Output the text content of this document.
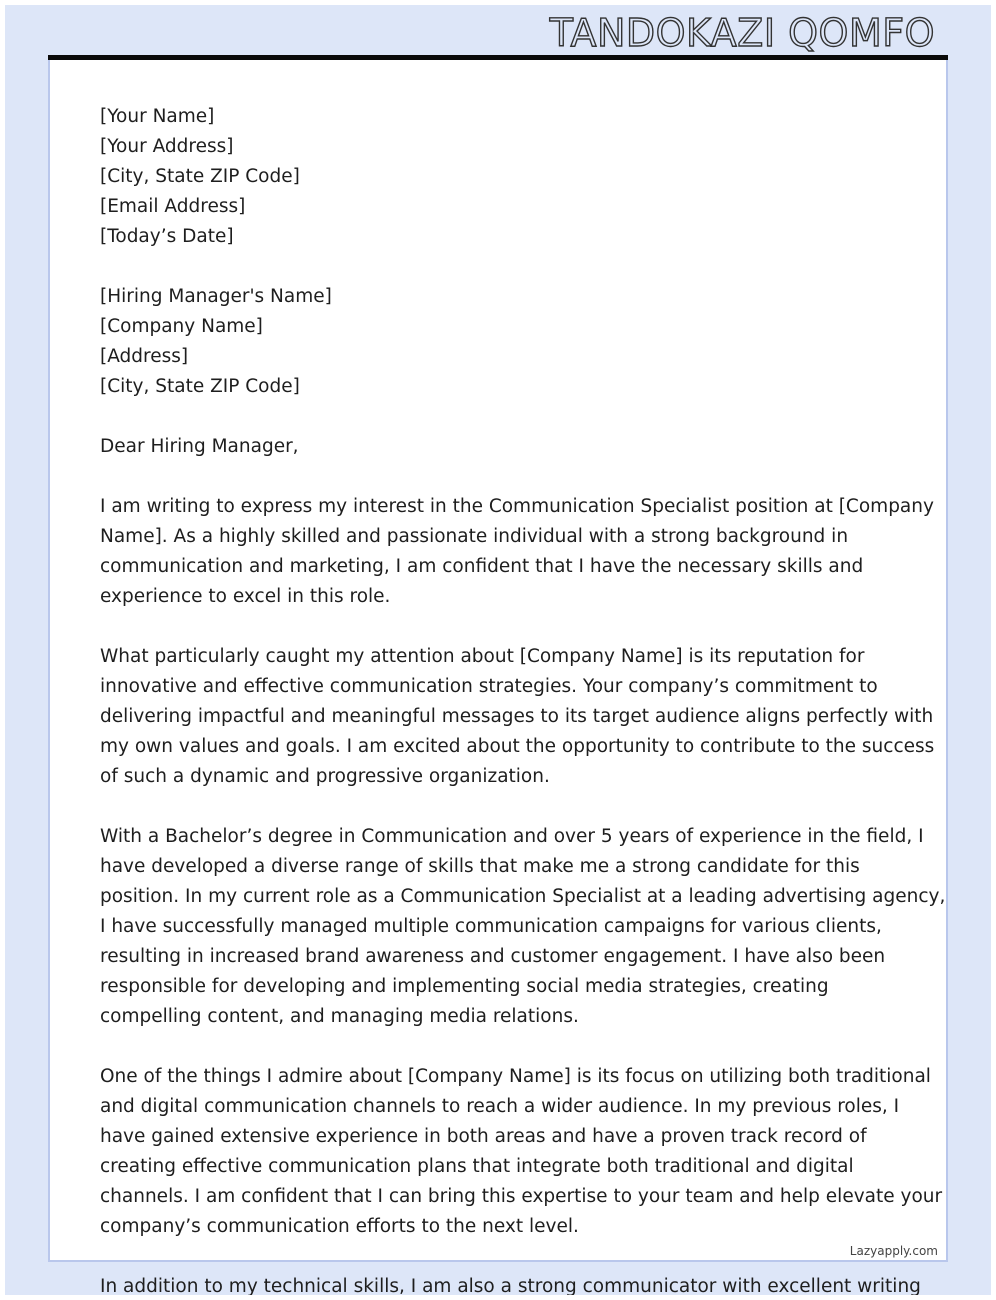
TANDOKAZI QOMFO
Lazyapply.com
[Your Name]
[Your Address]
[City, State ZIP Code]
[Email Address]
[Today’s Date]
[Hiring Manager's Name]
[Company Name]
[Address]
[City, State ZIP Code]
Dear Hiring Manager,
I am writing to express my interest in the Communication Specialist position at [Company
Name]. As a highly skilled and passionate individual with a strong background in
communication and marketing, I am confident that I have the necessary skills and
experience to excel in this role.
What particularly caught my attention about [Company Name] is its reputation for
innovative and effective communication strategies. Your company’s commitment to
delivering impactful and meaningful messages to its target audience aligns perfectly with
my own values and goals. I am excited about the opportunity to contribute to the success
of such a dynamic and progressive organization.
With a Bachelor’s degree in Communication and over 5 years of experience in the field, I
have developed a diverse range of skills that make me a strong candidate for this
position. In my current role as a Communication Specialist at a leading advertising agency,
I have successfully managed multiple communication campaigns for various clients,
resulting in increased brand awareness and customer engagement. I have also been
responsible for developing and implementing social media strategies, creating
compelling content, and managing media relations.
One of the things I admire about [Company Name] is its focus on utilizing both traditional
and digital communication channels to reach a wider audience. In my previous roles, I
have gained extensive experience in both areas and have a proven track record of
creating effective communication plans that integrate both traditional and digital
channels. I am confident that I can bring this expertise to your team and help elevate your
company’s communication efforts to the next level.
In addition to my technical skills, I am also a strong communicator with excellent writing
